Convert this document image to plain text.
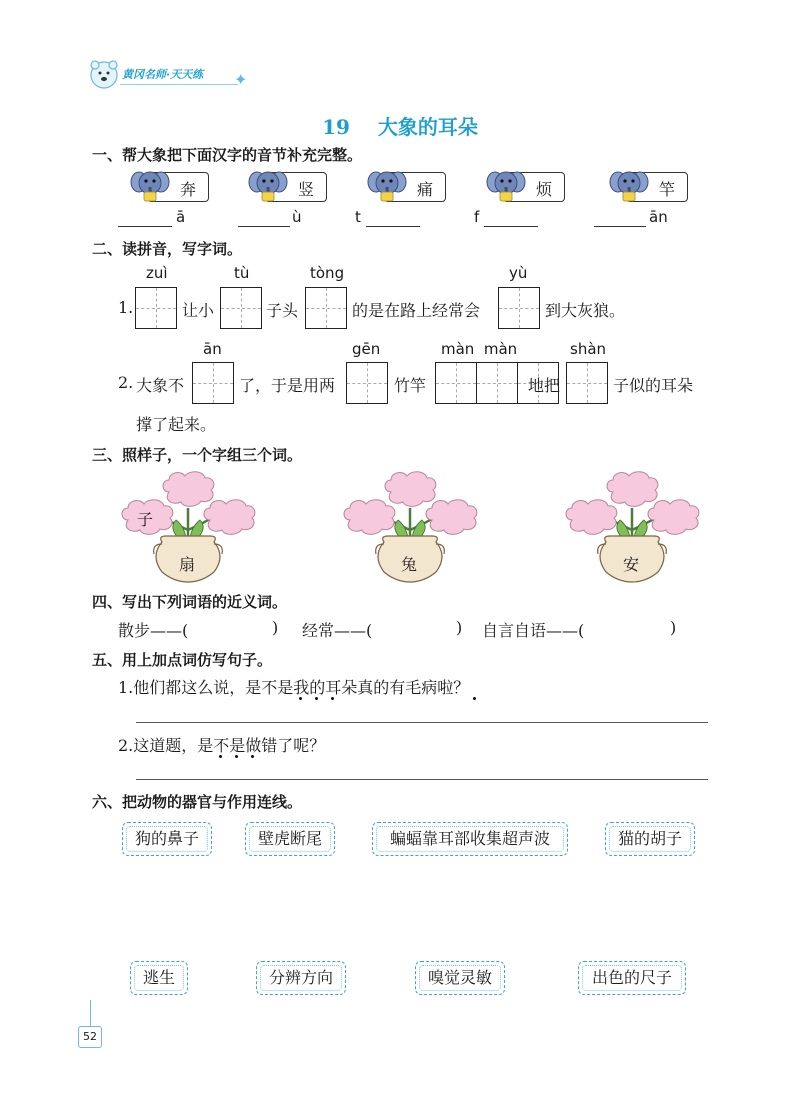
黄冈名师·天天练 ✦
19 大象的耳朵
一、帮大象把下面汉字的音节补充完整。
奔
ā
竖
ù
痛
t
烦
f
竿
ān
二、读拼音，写字词。
zuì	tù	tòng	yù
1.	让小	子头	的是在路上经常会	到大灰狼。
ān	gēn	màn  màn	shàn
2. 大象不	了，于是用两	竹竿	地把	子似的耳朵
撑了起来。
三、照样子，一个字组三个词。
扇
子
兔	安
四、写出下列词语的近义词。
散步——(	) 经常——(	) 自言自语——(	)
五、用上加点词仿写句子。
1.他们都这么说，是不是我的耳朵真的有毛病啦？
2.这道题，是不是做错了呢？
六、把动物的器官与作用连线。
狗的鼻子	壁虎断尾	蝙蝠靠耳部收集超声波	猫的胡子
逃生	分辨方向	嗅觉灵敏	出色的尺子
52
